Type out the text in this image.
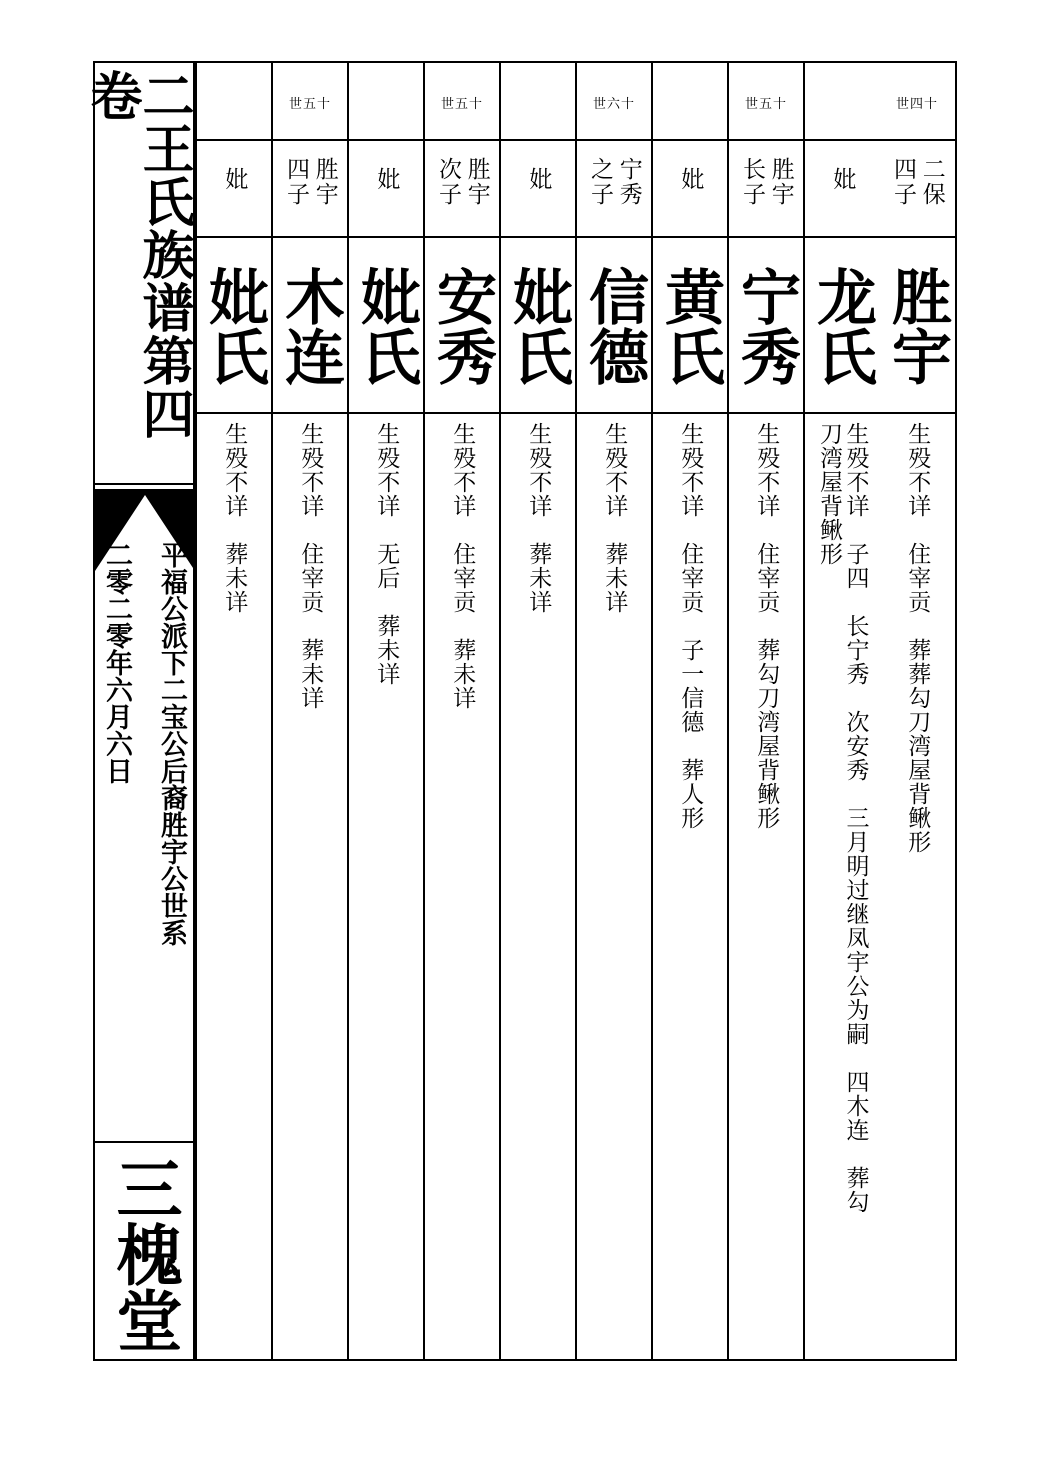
二王氏族谱第四卷
平福公派下二宝公后裔胜宇公世系
二零二零年六月六日
三槐堂
世四十
二保
四子
胜宇
生殁不详　住宰贡　葬葬勾刀湾屋背鳅形
妣
龙氏
生殁不详　子四　长宁秀　次安秀　三月明过继凤宇公为嗣　四木连　葬勾
刀湾屋背鳅形
世五十
胜宇
长子
宁秀
生殁不详　住宰贡　葬勾刀湾屋背鳅形
妣
黄氏
生殁不详　住宰贡　子一信德　葬人形
世六十
宁秀
之子
信德
生殁不详　葬未详
妣
妣氏
生殁不详　葬未详
世五十
胜宇
次子
安秀
生殁不详　住宰贡　葬未详
妣
妣氏
生殁不详　无后　葬未详
世五十
胜宇
四子
木连
生殁不详　住宰贡　葬未详
妣
妣氏
生殁不详　葬未详
